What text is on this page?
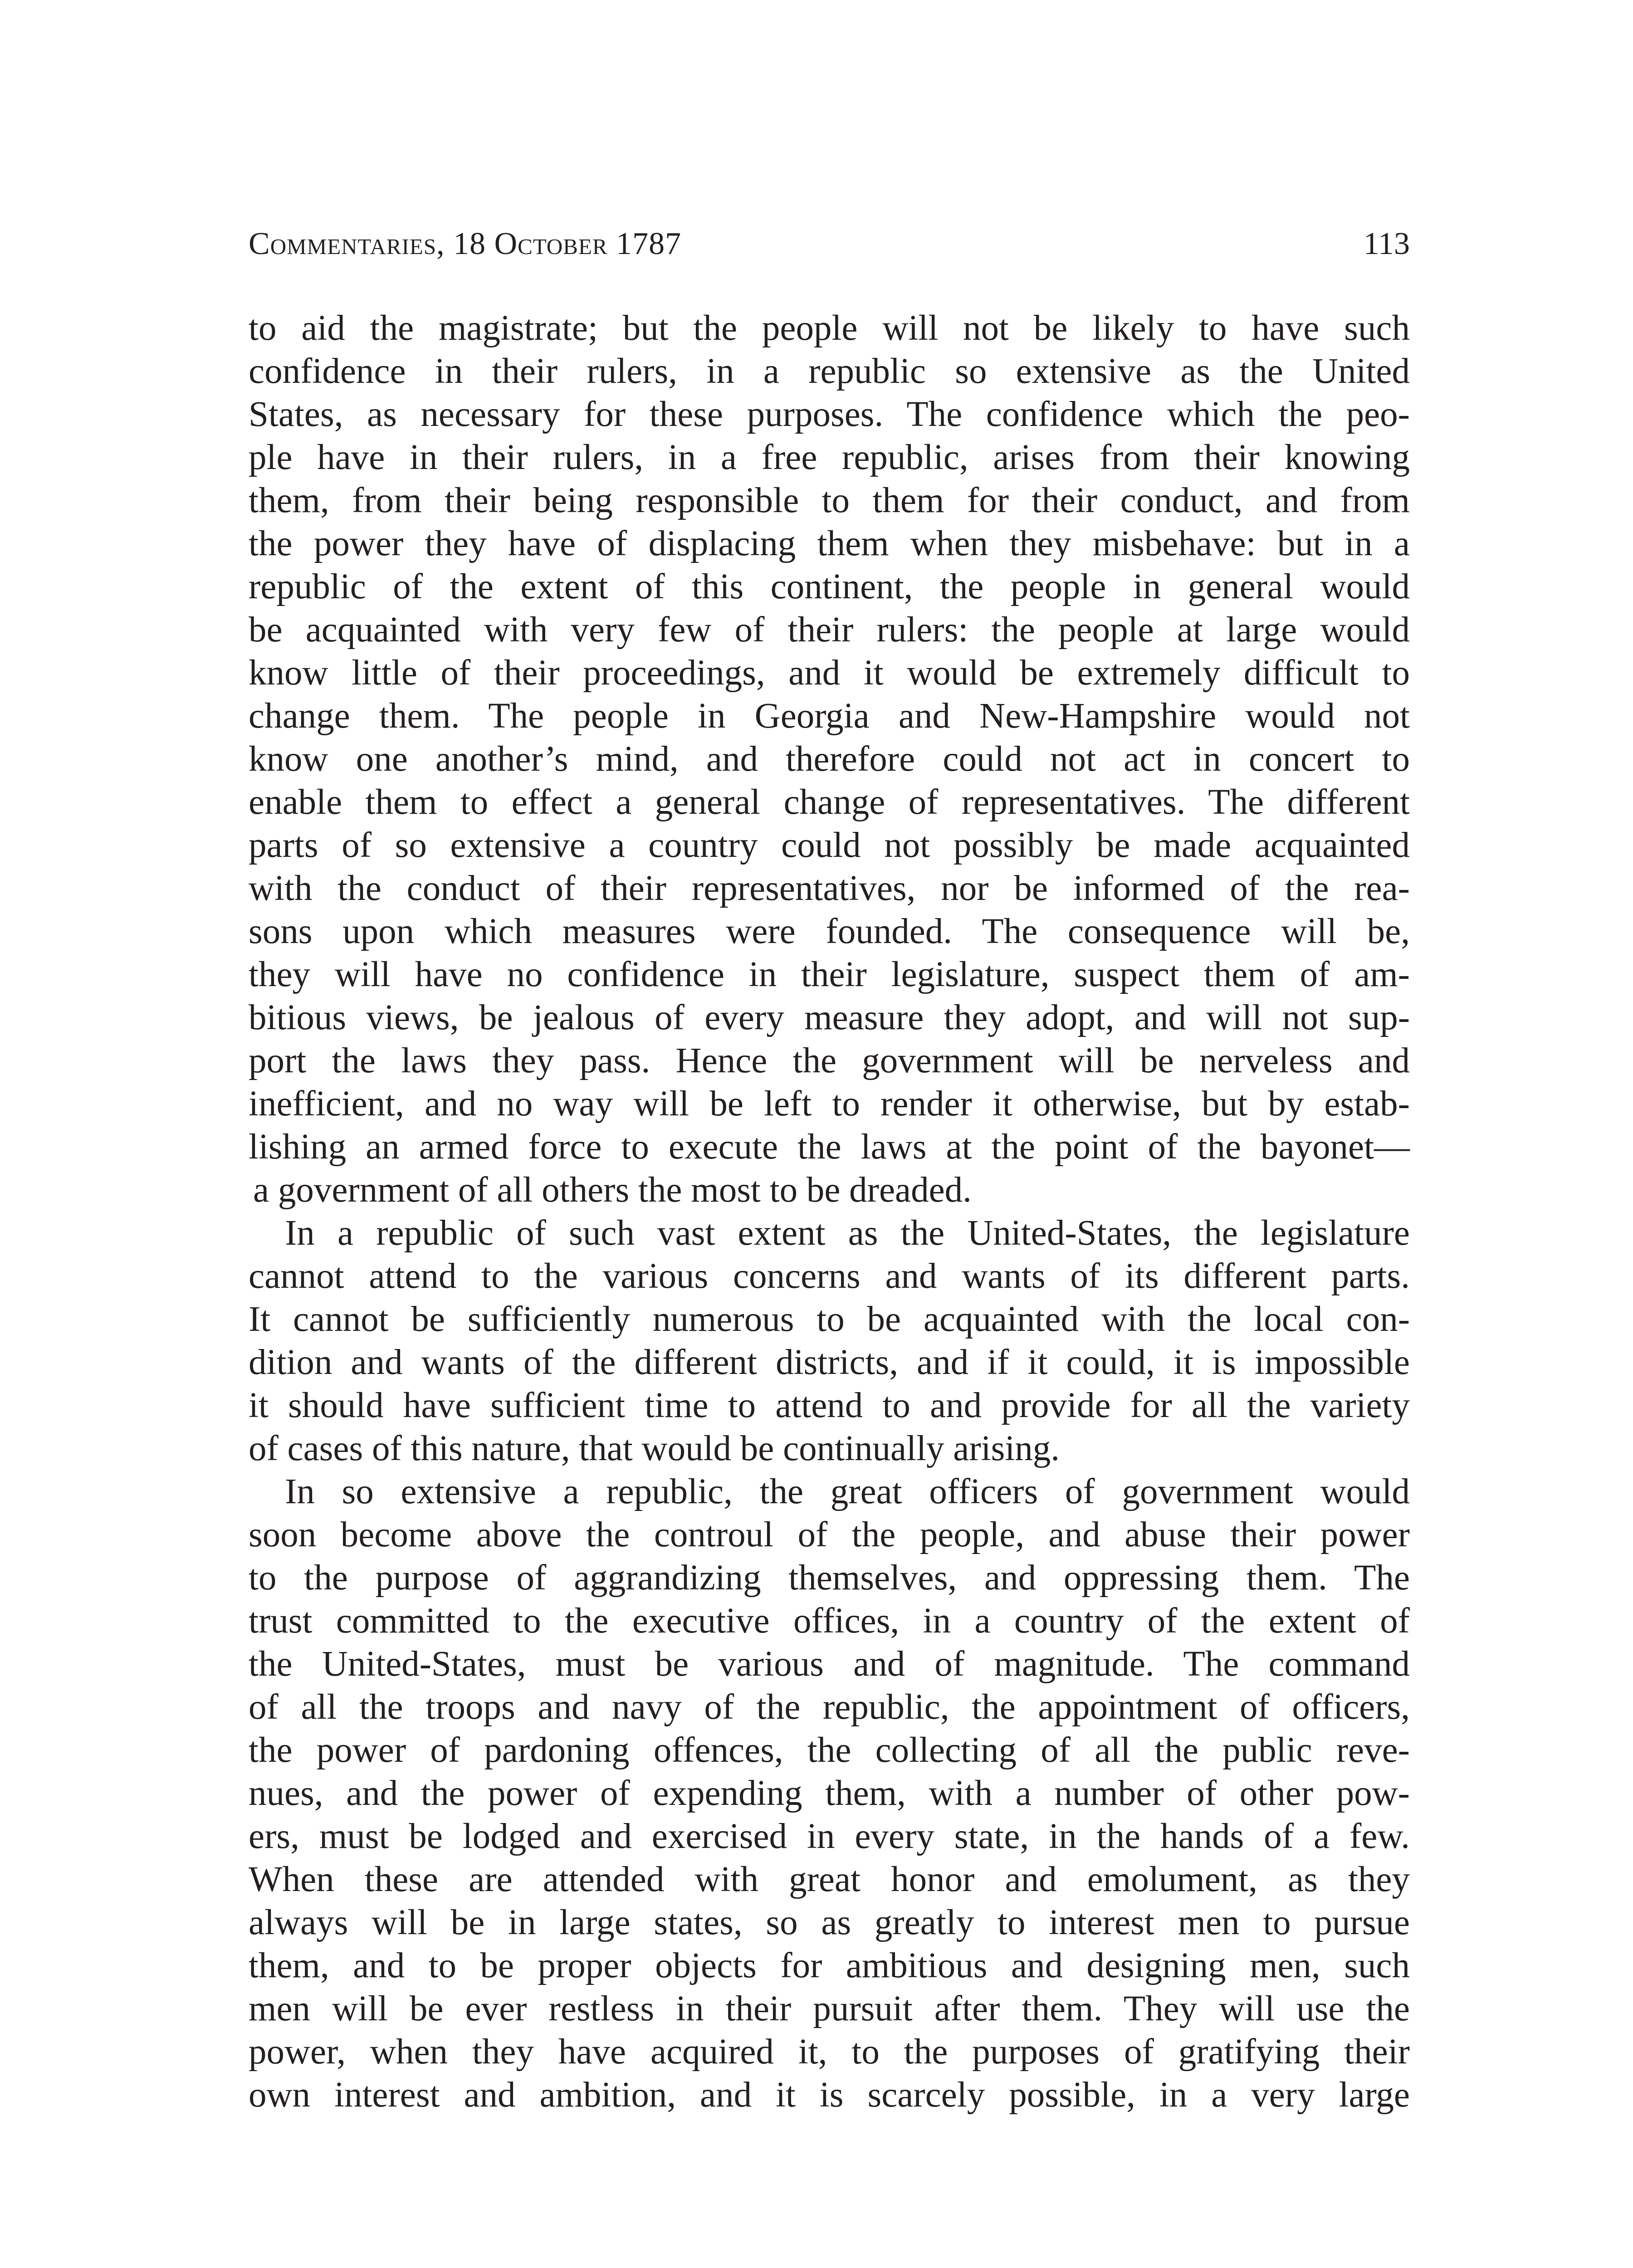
Commentaries, 18 October 1787	113
to aid the magistrate; but the people will not be likely to have such
confidence in their rulers, in a republic so extensive as the United
States, as necessary for these purposes. The confidence which the peo-
ple have in their rulers, in a free republic, arises from their knowing
them, from their being responsible to them for their conduct, and from
the power they have of displacing them when they misbehave: but in a
republic of the extent of this continent, the people in general would
be acquainted with very few of their rulers: the people at large would
know little of their proceedings, and it would be extremely difficult to
change them. The people in Georgia and New-Hampshire would not
know one another’s mind, and therefore could not act in concert to
enable them to effect a general change of representatives. The different
parts of so extensive a country could not possibly be made acquainted
with the conduct of their representatives, nor be informed of the rea-
sons upon which measures were founded. The consequence will be,
they will have no confidence in their legislature, suspect them of am-
bitious views, be jealous of every measure they adopt, and will not sup-
port the laws they pass. Hence the government will be nerveless and
inefficient, and no way will be left to render it otherwise, but by estab-
lishing an armed force to execute the laws at the point of the bayonet—
a government of all others the most to be dreaded.
In a republic of such vast extent as the United-States, the legislature
cannot attend to the various concerns and wants of its different parts.
It cannot be sufficiently numerous to be acquainted with the local con-
dition and wants of the different districts, and if it could, it is impossible
it should have sufficient time to attend to and provide for all the variety
of cases of this nature, that would be continually arising.
In so extensive a republic, the great officers of government would
soon become above the controul of the people, and abuse their power
to the purpose of aggrandizing themselves, and oppressing them. The
trust committed to the executive offices, in a country of the extent of
the United-States, must be various and of magnitude. The command
of all the troops and navy of the republic, the appointment of officers,
the power of pardoning offences, the collecting of all the public reve-
nues, and the power of expending them, with a number of other pow-
ers, must be lodged and exercised in every state, in the hands of a few.
When these are attended with great honor and emolument, as they
always will be in large states, so as greatly to interest men to pursue
them, and to be proper objects for ambitious and designing men, such
men will be ever restless in their pursuit after them. They will use the
power, when they have acquired it, to the purposes of gratifying their
own interest and ambition, and it is scarcely possible, in a very large
